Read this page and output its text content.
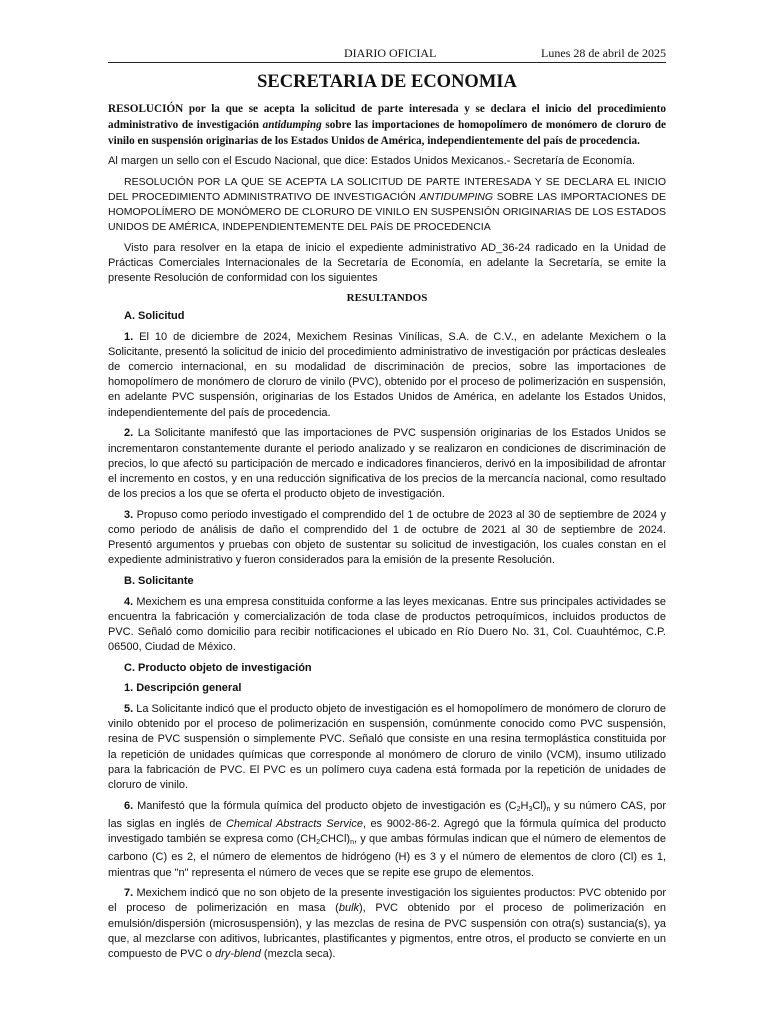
DIARIO OFICIAL	Lunes 28 de abril de 2025
SECRETARIA DE ECONOMIA

RESOLUCIÓN por la que se acepta la solicitud de parte interesada y se declara el inicio del procedimiento administrativo de investigación antidumping sobre las importaciones de homopolímero de monómero de cloruro de vinilo en suspensión originarias de los Estados Unidos de América, independientemente del país de procedencia.

Al margen un sello con el Escudo Nacional, que dice: Estados Unidos Mexicanos.- Secretaría de Economía.

RESOLUCIÓN POR LA QUE SE ACEPTA LA SOLICITUD DE PARTE INTERESADA Y SE DECLARA EL INICIO DEL PROCEDIMIENTO ADMINISTRATIVO DE INVESTIGACIÓN ANTIDUMPING SOBRE LAS IMPORTACIONES DE HOMOPOLÍMERO DE MONÓMERO DE CLORURO DE VINILO EN SUSPENSIÓN ORIGINARIAS DE LOS ESTADOS UNIDOS DE AMÉRICA, INDEPENDIENTEMENTE DEL PAÍS DE PROCEDENCIA

Visto para resolver en la etapa de inicio el expediente administrativo AD_36-24 radicado en la Unidad de Prácticas Comerciales Internacionales de la Secretaría de Economía, en adelante la Secretaría, se emite la presente Resolución de conformidad con los siguientes

RESULTANDOS

A. Solicitud

1. El 10 de diciembre de 2024, Mexichem Resinas Vinílicas, S.A. de C.V., en adelante Mexichem o la Solicitante, presentó la solicitud de inicio del procedimiento administrativo de investigación por prácticas desleales de comercio internacional, en su modalidad de discriminación de precios, sobre las importaciones de homopolímero de monómero de cloruro de vinilo (PVC), obtenido por el proceso de polimerización en suspensión, en adelante PVC suspensión, originarias de los Estados Unidos de América, en adelante los Estados Unidos, independientemente del país de procedencia.

2. La Solicitante manifestó que las importaciones de PVC suspensión originarias de los Estados Unidos se incrementaron constantemente durante el periodo analizado y se realizaron en condiciones de discriminación de precios, lo que afectó su participación de mercado e indicadores financieros, derivó en la imposibilidad de afrontar el incremento en costos, y en una reducción significativa de los precios de la mercancía nacional, como resultado de los precios a los que se oferta el producto objeto de investigación.

3. Propuso como periodo investigado el comprendido del 1 de octubre de 2023 al 30 de septiembre de 2024 y como periodo de análisis de daño el comprendido del 1 de octubre de 2021 al 30 de septiembre de 2024. Presentó argumentos y pruebas con objeto de sustentar su solicitud de investigación, los cuales constan en el expediente administrativo y fueron considerados para la emisión de la presente Resolución.

B. Solicitante

4. Mexichem es una empresa constituida conforme a las leyes mexicanas. Entre sus principales actividades se encuentra la fabricación y comercialización de toda clase de productos petroquímicos, incluidos productos de PVC. Señaló como domicilio para recibir notificaciones el ubicado en Río Duero No. 31, Col. Cuauhtémoc, C.P. 06500, Ciudad de México.

C. Producto objeto de investigación

1. Descripción general

5. La Solicitante indicó que el producto objeto de investigación es el homopolímero de monómero de cloruro de vinilo obtenido por el proceso de polimerización en suspensión, comúnmente conocido como PVC suspensión, resina de PVC suspensión o simplemente PVC. Señaló que consiste en una resina termoplástica constituida por la repetición de unidades químicas que corresponde al monómero de cloruro de vinilo (VCM), insumo utilizado para la fabricación de PVC. El PVC es un polímero cuya cadena está formada por la repetición de unidades de cloruro de vinilo.

6. Manifestó que la fórmula química del producto objeto de investigación es $(C_2H_3Cl)_n$ y su número CAS, por las siglas en inglés de Chemical Abstracts Service, es 9002-86-2. Agregó que la fórmula química del producto investigado también se expresa como $(CH_2CHCl)_n$, y que ambas fórmulas indican que el número de elementos de carbono (C) es 2, el número de elementos de hidrógeno (H) es 3 y el número de elementos de cloro (Cl) es 1, mientras que "n" representa el número de veces que se repite ese grupo de elementos.

7. Mexichem indicó que no son objeto de la presente investigación los siguientes productos: PVC obtenido por el proceso de polimerización en masa (bulk), PVC obtenido por el proceso de polimerización en emulsión/dispersión (microsuspensión), y las mezclas de resina de PVC suspensión con otra(s) sustancia(s), ya que, al mezclarse con aditivos, lubricantes, plastificantes y pigmentos, entre otros, el producto se convierte en un compuesto de PVC o dry-blend (mezcla seca).
